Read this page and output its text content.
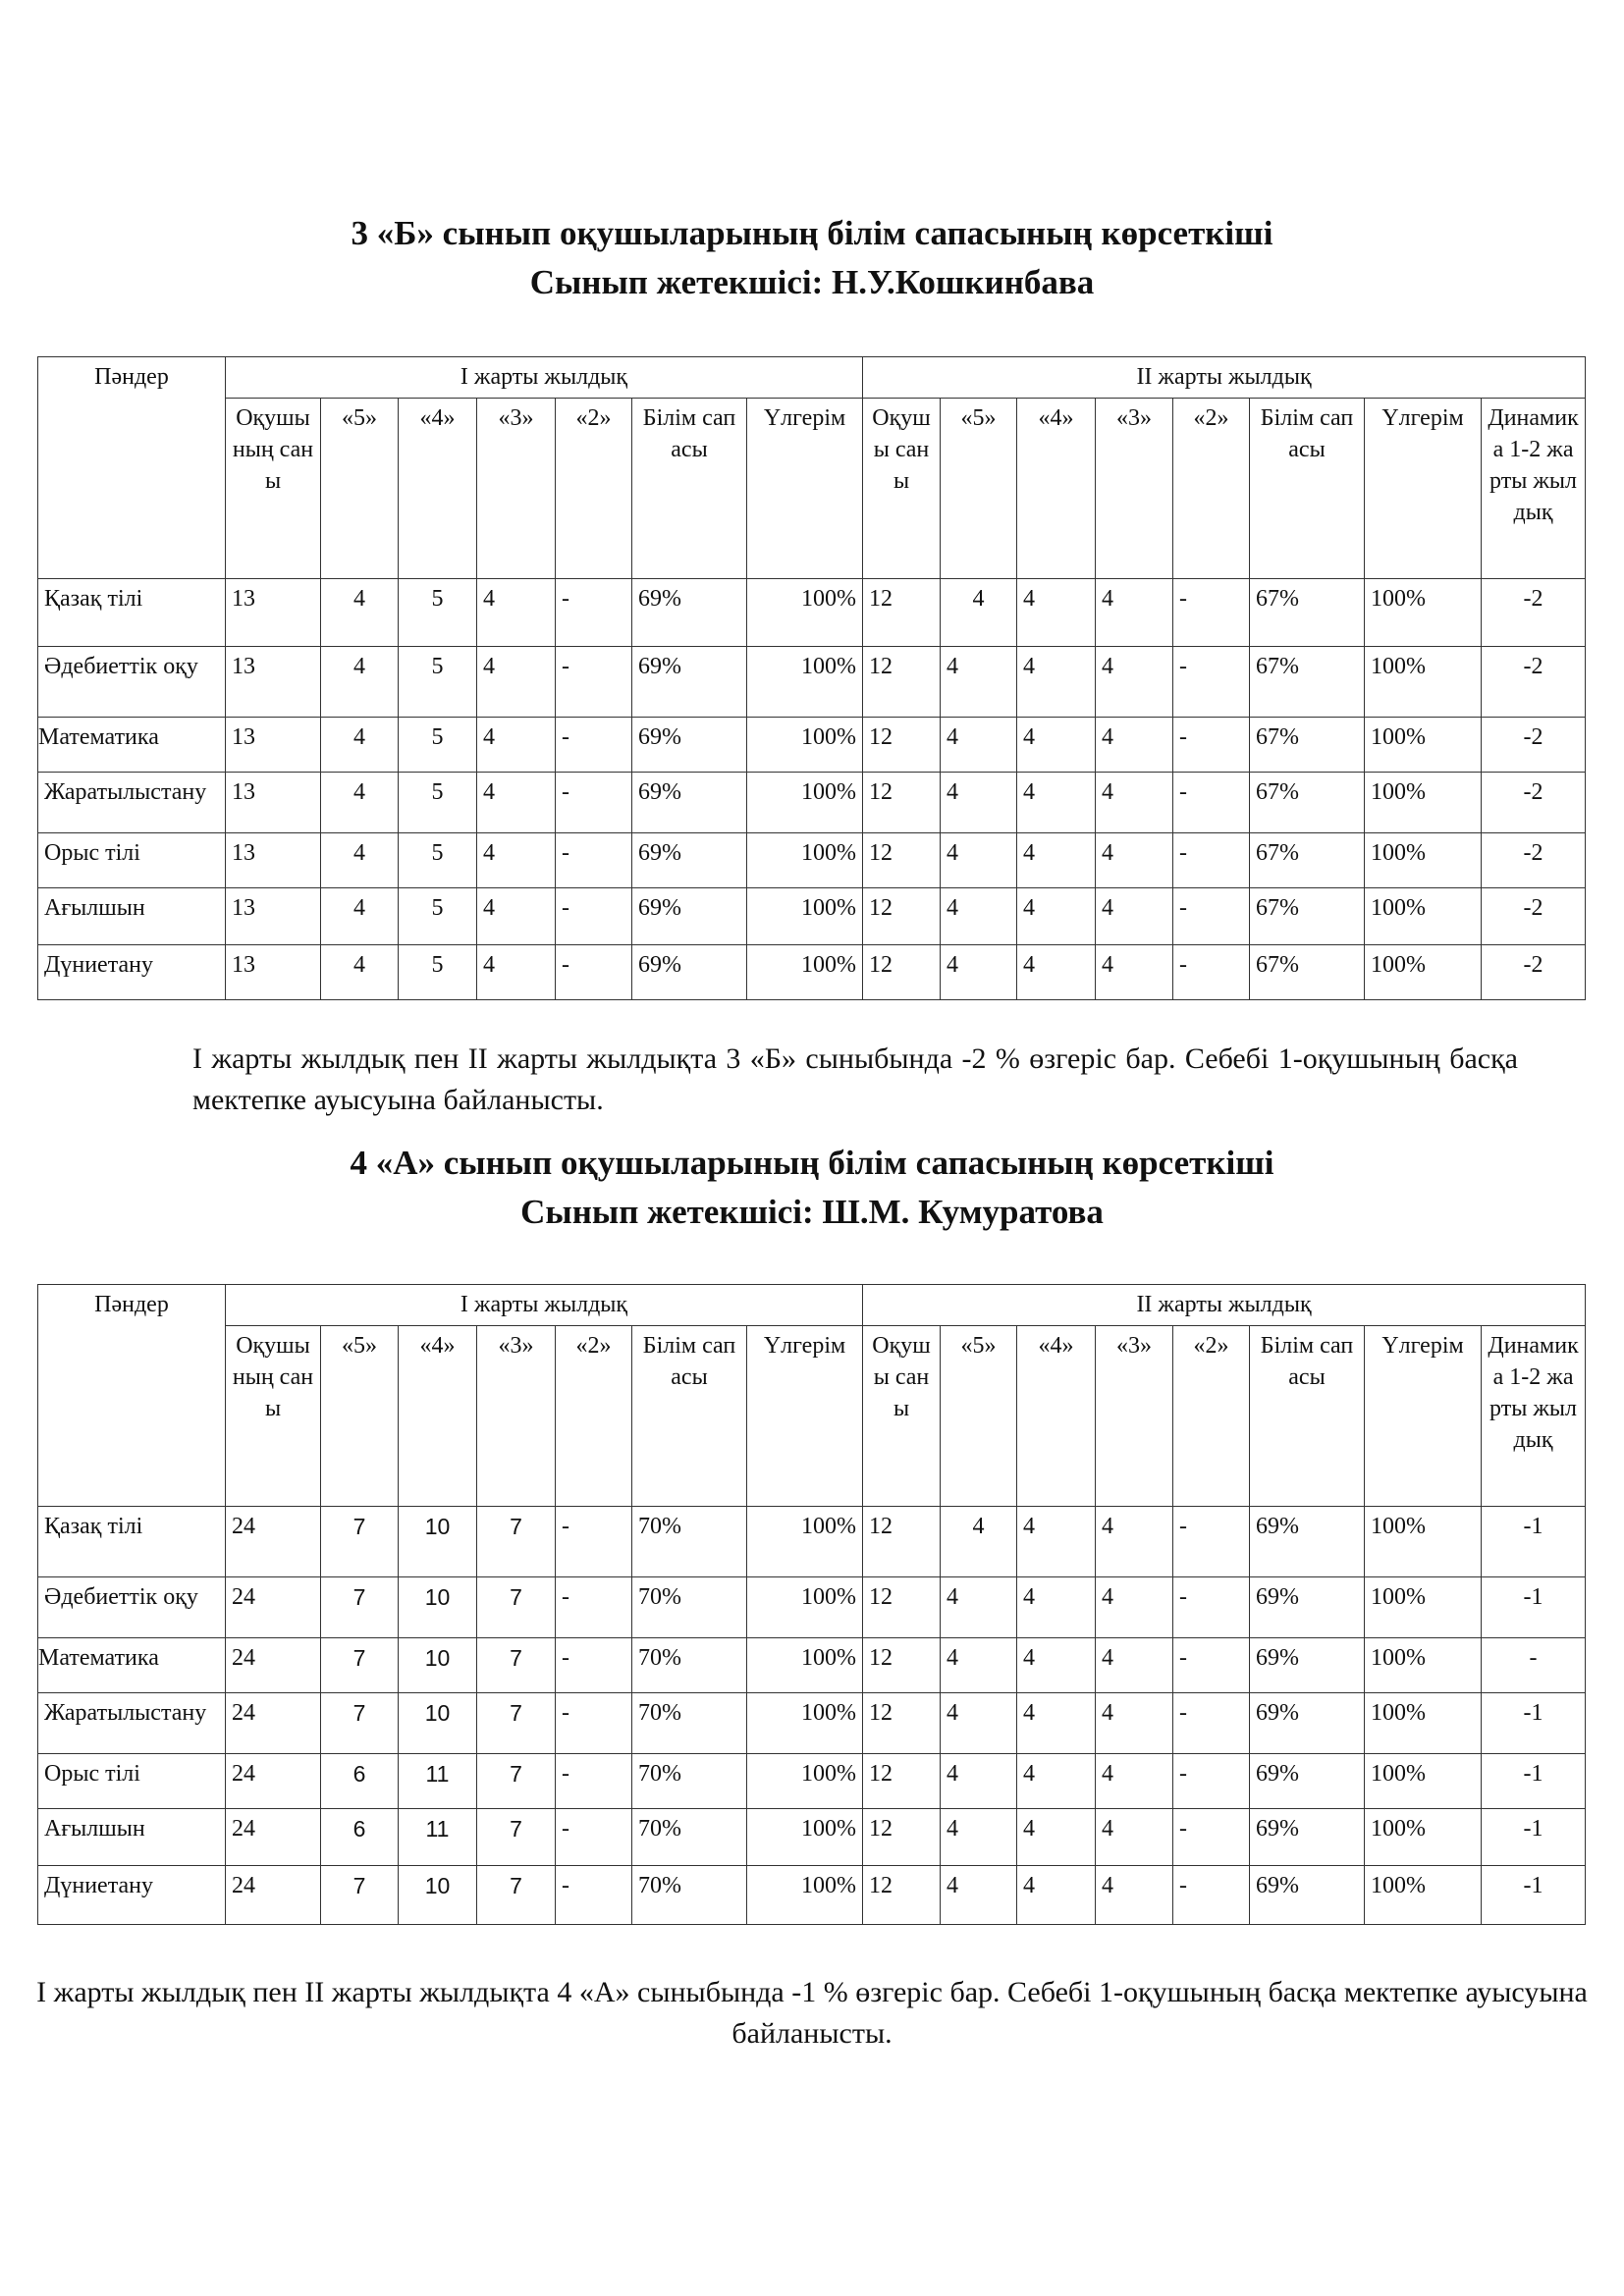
3 «Б» сынып оқушыларының білім сапасының көрсеткіші
Сынып жетекшісі: Н.У.Кошкинбава
Пәндер	І жарты жылдық							ІІ жарты жылдық							
	Оқушының саны	«5»	«4»	«3»	«2»	Білім сапасы	Үлгерім	Оқушы саны	«5»	«4»	«3»	«2»	Білім сапасы	Үлгерім	Динамика 1-2 жарты жылдық
Қазақ тілі	13	4	5	4	-	69%	100%	12	4	4	4	-	67%	100%	-2
Әдебиеттік оқу	13	4	5	4	-	69%	100%	12	4	4	4	-	67%	100%	-2
Математика	13	4	5	4	-	69%	100%	12	4	4	4	-	67%	100%	-2
Жаратылыстану	13	4	5	4	-	69%	100%	12	4	4	4	-	67%	100%	-2
Орыс тілі	13	4	5	4	-	69%	100%	12	4	4	4	-	67%	100%	-2
Ағылшын	13	4	5	4	-	69%	100%	12	4	4	4	-	67%	100%	-2
Дүниетану	13	4	5	4	-	69%	100%	12	4	4	4	-	67%	100%	-2
І жарты жылдық пен ІІ жарты жылдықта 3 «Б» сыныбында -2 % өзгеріс бар. Себебі 1-оқушының басқа мектепке ауысуына байланысты.
4 «А» сынып оқушыларының білім сапасының көрсеткіші
Сынып жетекшісі: Ш.М. Кумуратова
Пәндер	І жарты жылдық							ІІ жарты жылдық							
	Оқушының саны	«5»	«4»	«3»	«2»	Білім сапасы	Үлгерім	Оқушы саны	«5»	«4»	«3»	«2»	Білім сапасы	Үлгерім	Динамика 1-2 жарты жылдық
Қазақ тілі	24	7	10	7	-	70%	100%	12	4	4	4	-	69%	100%	-1
Әдебиеттік оқу	24	7	10	7	-	70%	100%	12	4	4	4	-	69%	100%	-1
Математика	24	7	10	7	-	70%	100%	12	4	4	4	-	69%	100%	-
Жаратылыстану	24	7	10	7	-	70%	100%	12	4	4	4	-	69%	100%	-1
Орыс тілі	24	6	11	7	-	70%	100%	12	4	4	4	-	69%	100%	-1
Ағылшын	24	6	11	7	-	70%	100%	12	4	4	4	-	69%	100%	-1
Дүниетану	24	7	10	7	-	70%	100%	12	4	4	4	-	69%	100%	-1
І жарты жылдық пен ІІ жарты жылдықта 4 «А» сыныбында -1 % өзгеріс бар. Себебі 1-оқушының басқа мектепке ауысуына байланысты.
